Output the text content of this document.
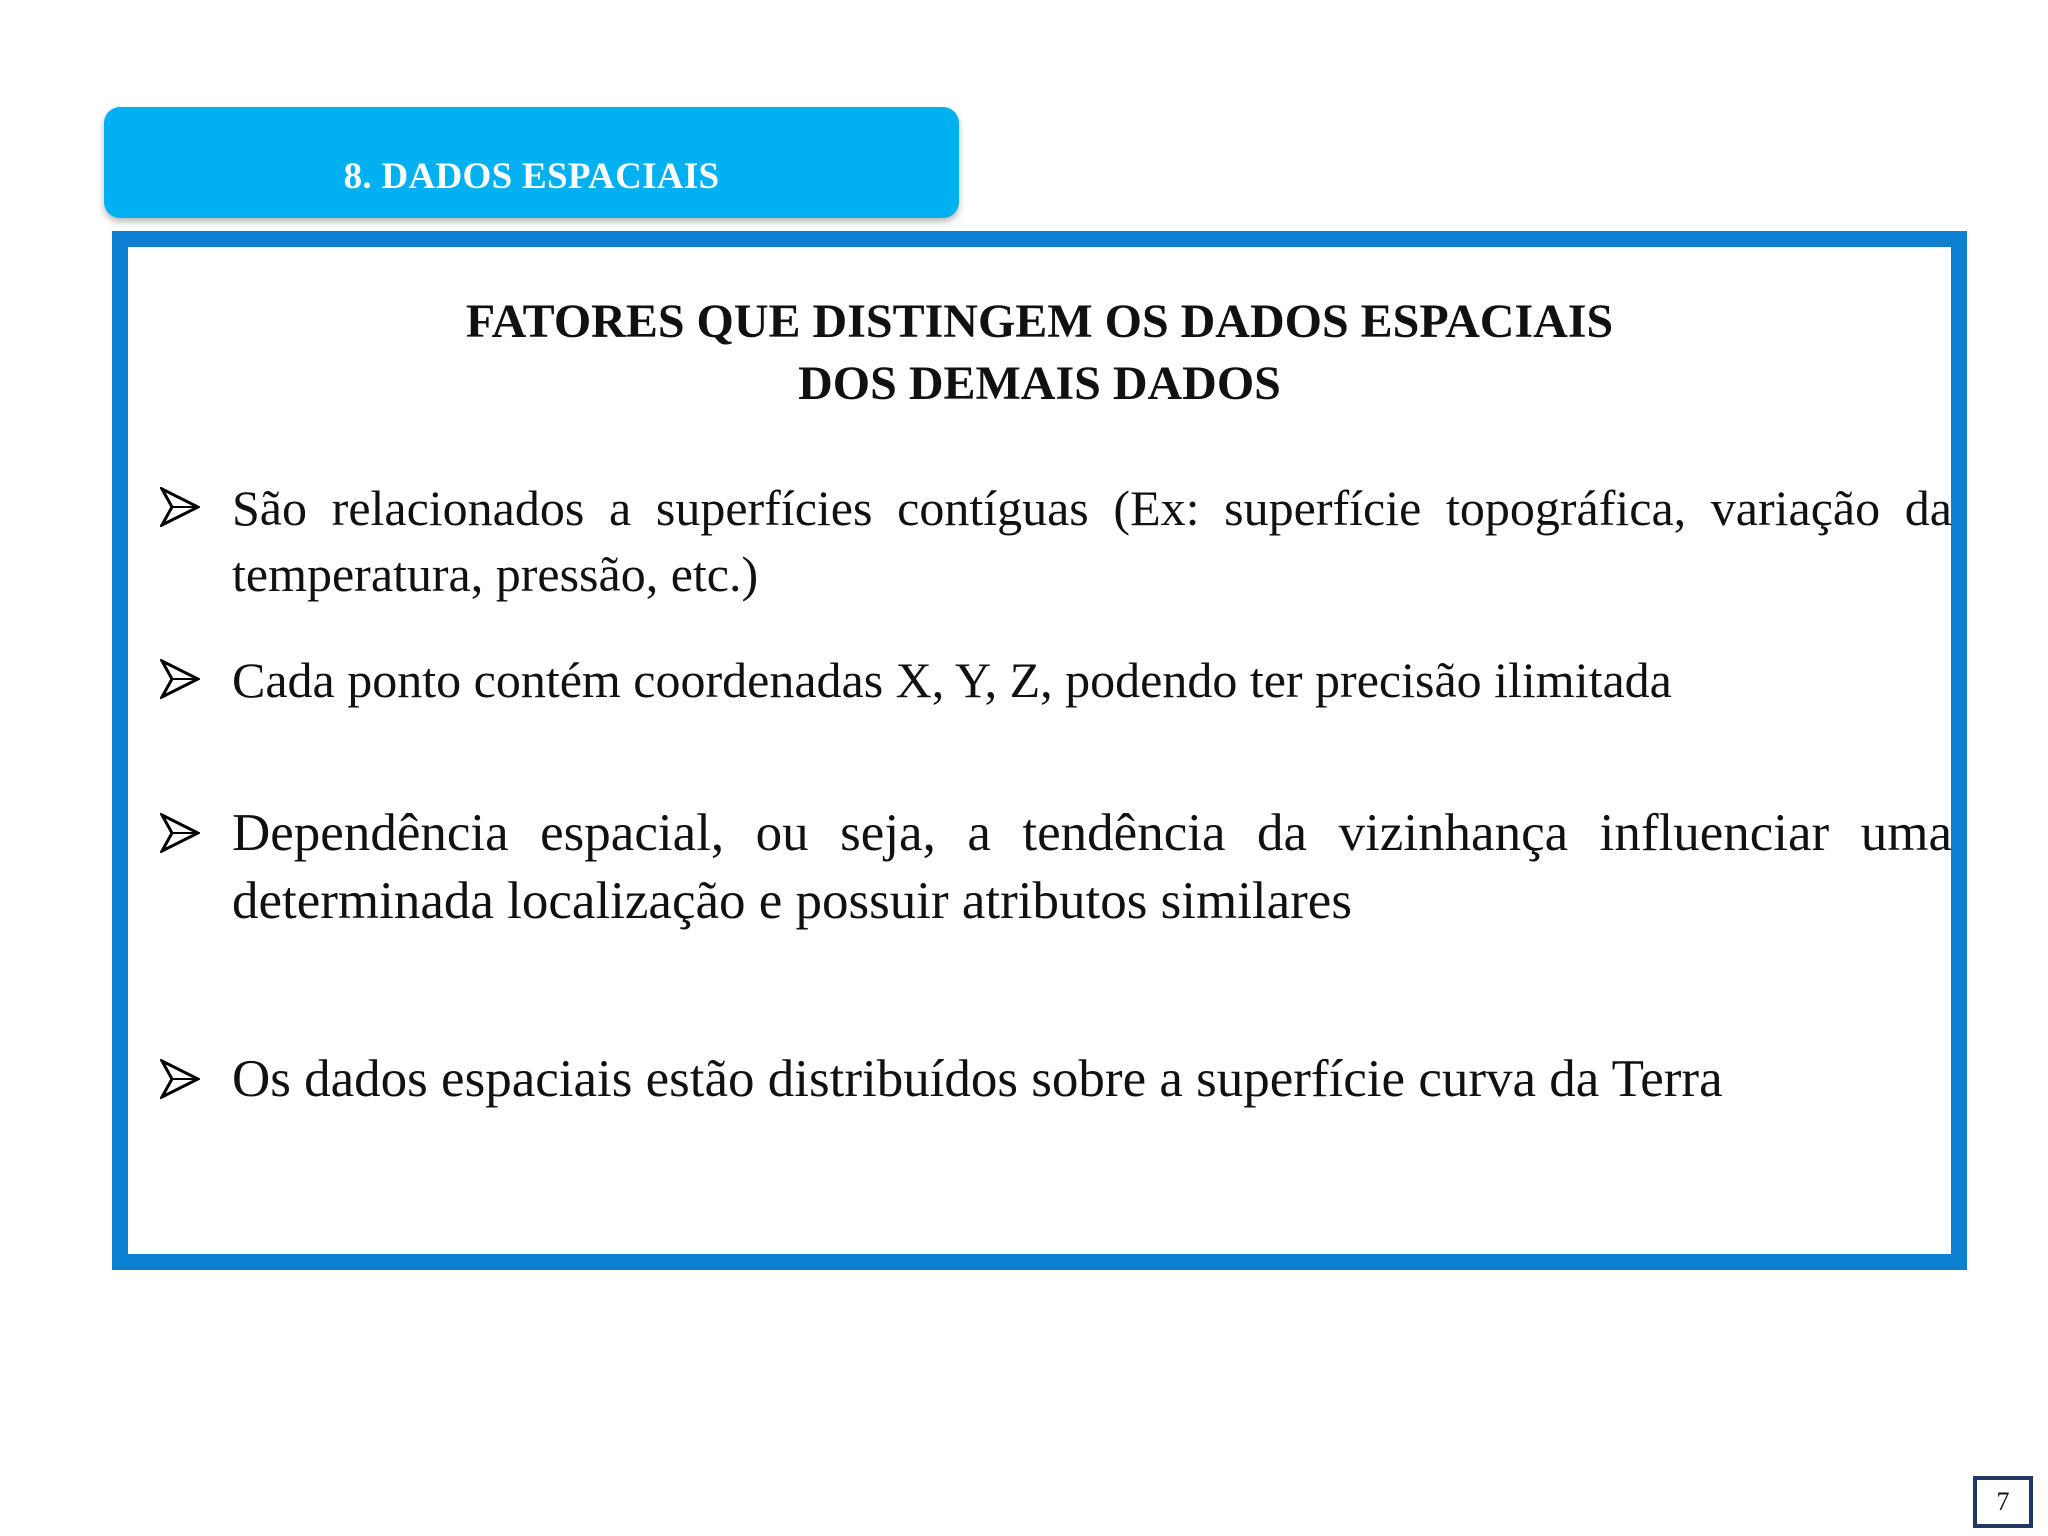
8. DADOS ESPACIAIS
FATORES QUE DISTINGEM OS DADOS ESPACIAIS
DOS DEMAIS DADOS
São relacionados a superfícies contíguas (Ex: superfície topográfica, variação da temperatura, pressão, etc.)
Cada ponto contém coordenadas X, Y, Z, podendo ter precisão ilimitada
Dependência espacial, ou seja, a tendência da vizinhança influenciar uma determinada localização e possuir atributos similares
Os dados espaciais estão distribuídos sobre a superfície curva da Terra
7
